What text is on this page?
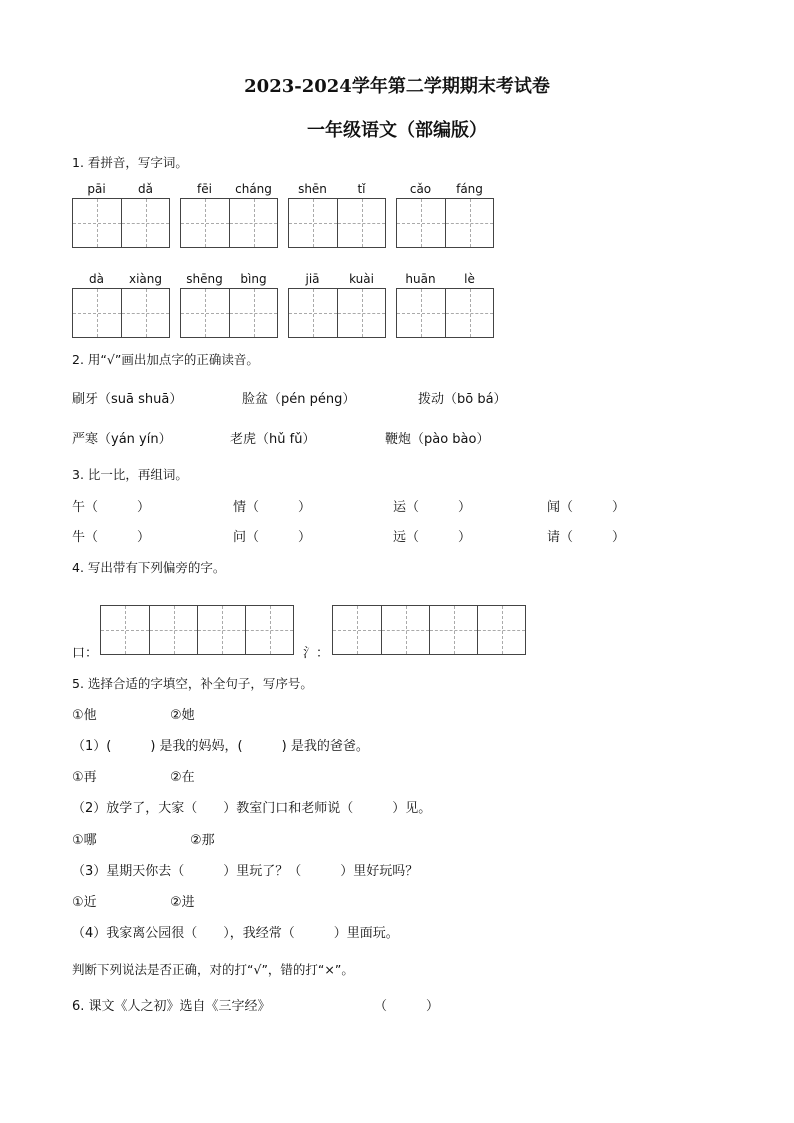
2023-2024学年第二学期期末考试卷
一年级语文（部编版）
1. 看拼音，写字词。
pāi	dǎ	fēi	cháng	shēn	tǐ	cǎo	fáng
dà	xiàng	shēng	bìng	jiā	kuài	huān	lè
2. 用“√”画出加点字的正确读音。
刷牙（suā shuā）	脸盆（pén péng）	拨动（bō bá）
严寒（yán yín）	老虎（hǔ fǔ）	鞭炮（pào bào）
3. 比一比，再组词。
午（　　　）	情（　　　）	运（　　　）	闻（　　　）
牛（　　　）	问（　　　）	远（　　　）	请（　　　）
4. 写出带有下列偏旁的字。
口：	氵：
5. 选择合适的字填空，补全句子，写序号。
①他	②她
（1）(　　　) 是我的妈妈，(　　　) 是我的爸爸。
①再	②在
（2）放学了，大家（　　）教室门口和老师说（　　　）见。
①哪	②那
（3）星期天你去（　　　）里玩了？（　　　）里好玩吗？
①近	②进
（4）我家离公园很（　　），我经常（　　　）里面玩。
判断下列说法是否正确，对的打“√”，错的打“×”。
6. 课文《人之初》选自《三字经》	（　　　）
